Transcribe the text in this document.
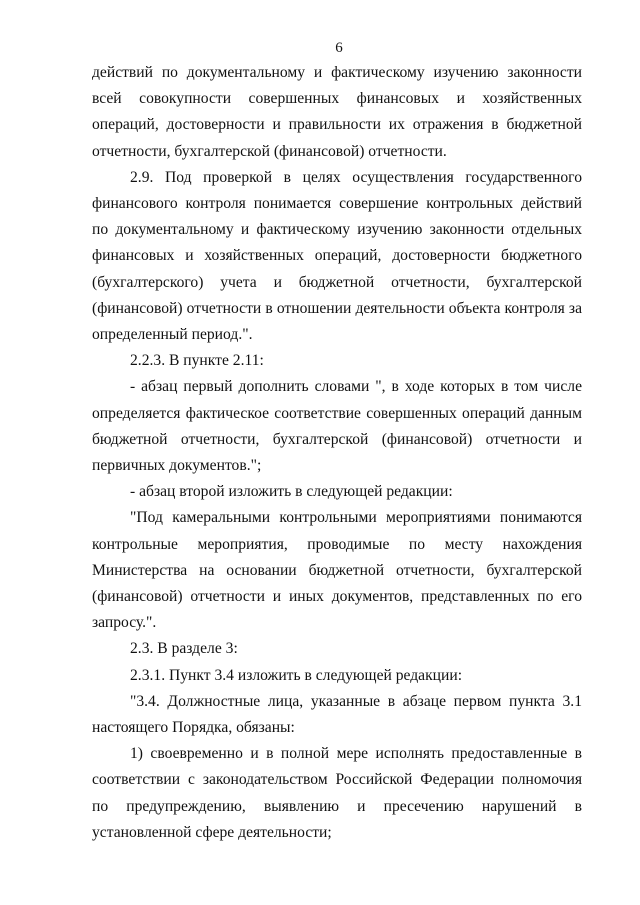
6

действий по документальному и фактическому изучению законности всей совокупности совершенных финансовых и хозяйственных операций, достоверности и правильности их отражения в бюджетной отчетности, бухгалтерской (финансовой) отчетности.

2.9. Под проверкой в целях осуществления государственного финансового контроля понимается совершение контрольных действий по документальному и фактическому изучению законности отдельных финансовых и хозяйственных операций, достоверности бюджетного (бухгалтерского) учета и бюджетной отчетности, бухгалтерской (финансовой) отчетности в отношении деятельности объекта контроля за определенный период.".

2.2.3. В пункте 2.11:

- абзац первый дополнить словами ", в ходе которых в том числе определяется фактическое соответствие совершенных операций данным бюджетной отчетности, бухгалтерской (финансовой) отчетности и первичных документов.";

- абзац второй изложить в следующей редакции:

"Под камеральными контрольными мероприятиями понимаются контрольные мероприятия, проводимые по месту нахождения Министерства на основании бюджетной отчетности, бухгалтерской (финансовой) отчетности и иных документов, представленных по его запросу.".

2.3. В разделе 3:

2.3.1. Пункт 3.4 изложить в следующей редакции:

"3.4. Должностные лица, указанные в абзаце первом пункта 3.1 настоящего Порядка, обязаны:

1) своевременно и в полной мере исполнять предоставленные в соответствии с законодательством Российской Федерации полномочия по предупреждению, выявлению и пресечению нарушений в установленной сфере деятельности;
